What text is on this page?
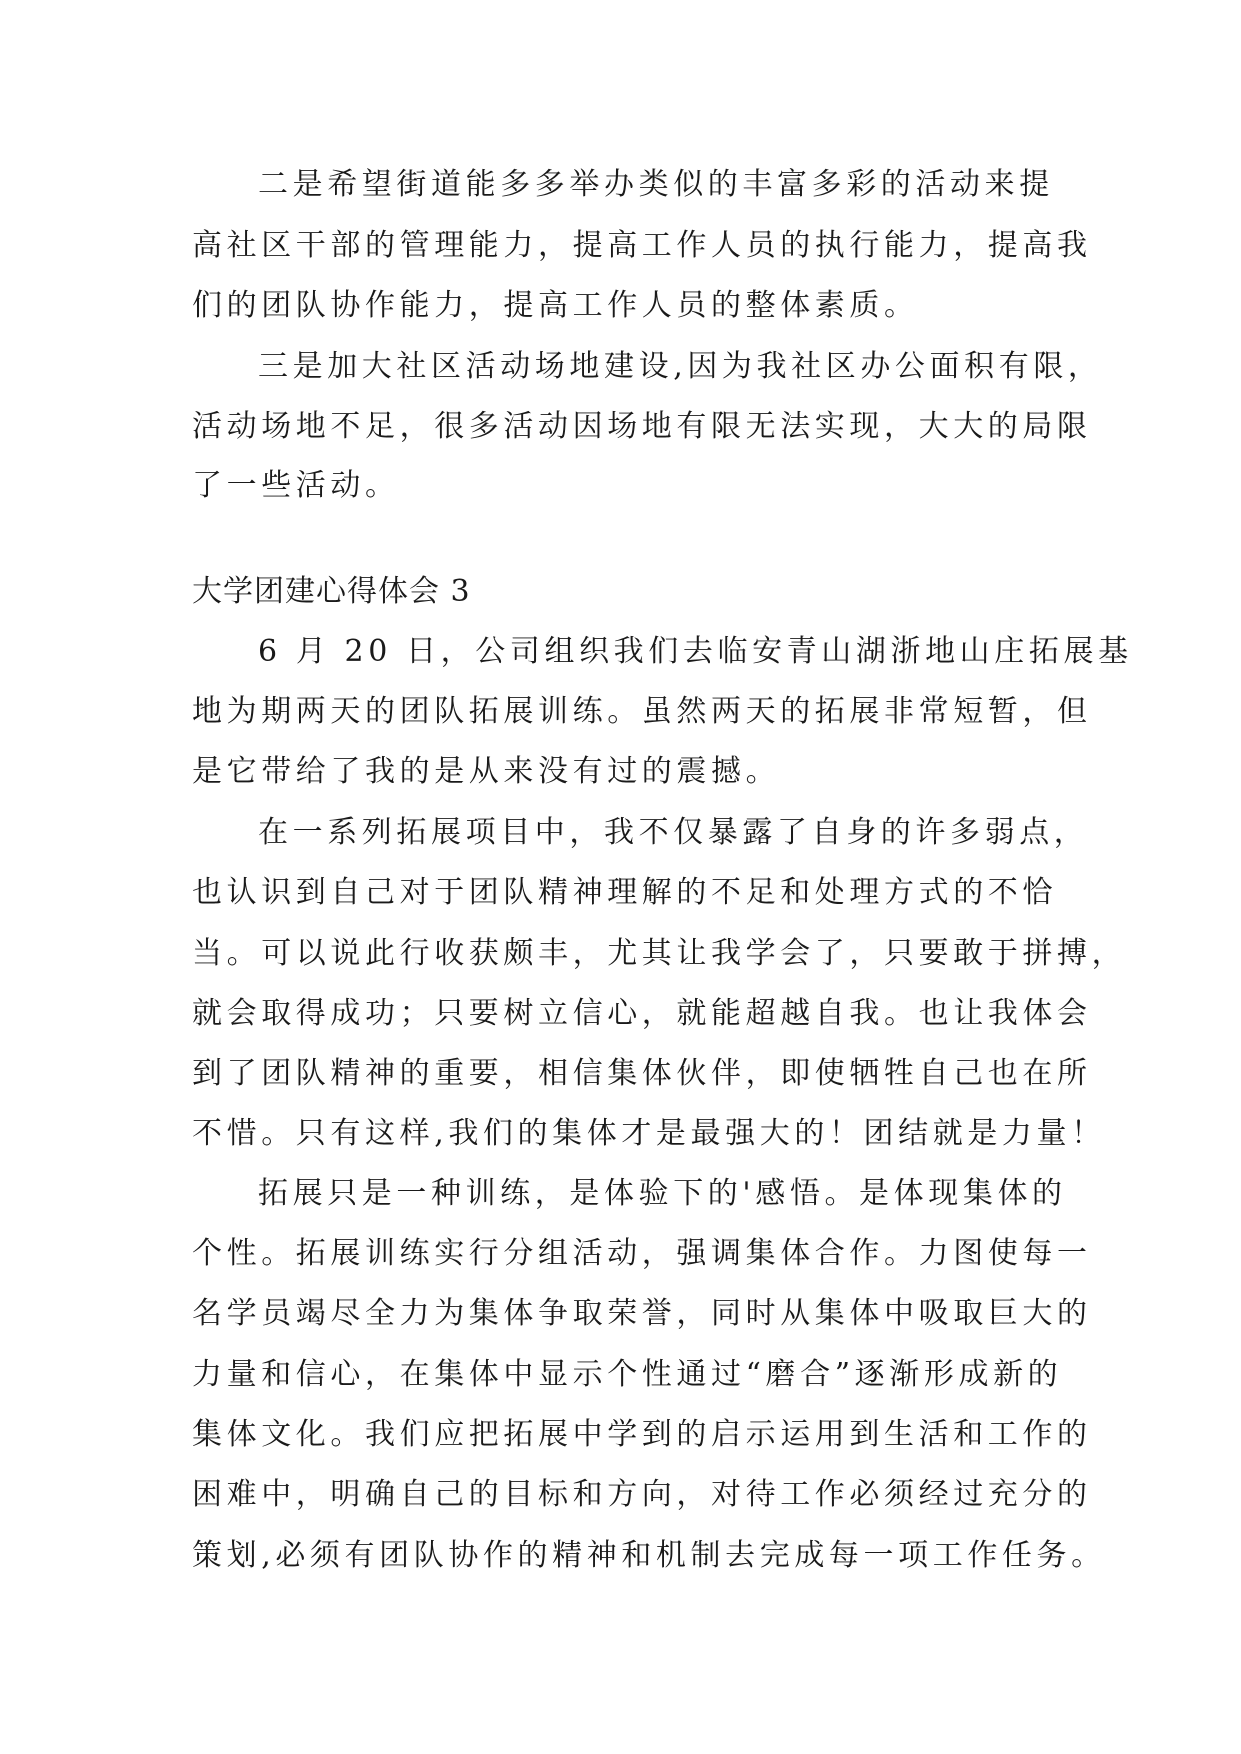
二是希望街道能多多举办类似的丰富多彩的活动来提
高社区干部的管理能力，提高工作人员的执行能力，提高我
们的团队协作能力，提高工作人员的整体素质。
三是加大社区活动场地建设,因为我社区办公面积有限，
活动场地不足，很多活动因场地有限无法实现，大大的局限
了一些活动。
大学团建心得体会 3
6 月 20 日，公司组织我们去临安青山湖浙地山庄拓展基
地为期两天的团队拓展训练。虽然两天的拓展非常短暂，但
是它带给了我的是从来没有过的震撼。
在一系列拓展项目中，我不仅暴露了自身的许多弱点，
也认识到自己对于团队精神理解的不足和处理方式的不恰
当。可以说此行收获颇丰，尤其让我学会了，只要敢于拼搏，
就会取得成功；只要树立信心，就能超越自我。也让我体会
到了团队精神的重要，相信集体伙伴，即使牺牲自己也在所
不惜。只有这样,我们的集体才是最强大的！团结就是力量！
拓展只是一种训练，是体验下的'感悟。是体现集体的
个性。拓展训练实行分组活动，强调集体合作。力图使每一
名学员竭尽全力为集体争取荣誉，同时从集体中吸取巨大的
力量和信心，在集体中显示个性通过“磨合”逐渐形成新的
集体文化。我们应把拓展中学到的启示运用到生活和工作的
困难中，明确自己的目标和方向，对待工作必须经过充分的
策划,必须有团队协作的精神和机制去完成每一项工作任务。
